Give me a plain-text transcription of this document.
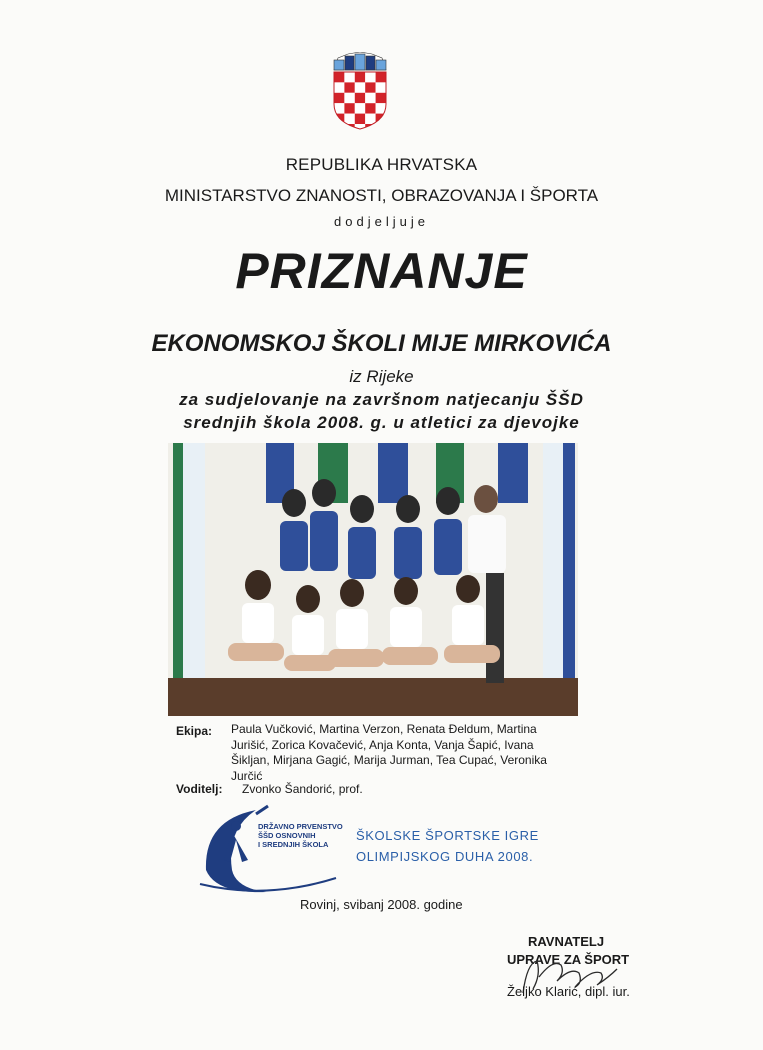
REPUBLIKA HRVATSKA
MINISTARSTVO ZNANOSTI, OBRAZOVANJA I ŠPORTA
dodjeljuje
PRIZNANJE
EKONOMSKOJ ŠKOLI MIJE MIRKOVIĆA
iz Rijeke
za sudjelovanje na završnom natjecanju ŠŠD
srednjih škola 2008. g. u atletici za djevojke
Ekipa: Paula Vučković, Martina Verzon, Renata Đeldum, Martina Jurišić, Zorica Kovačević, Anja Konta, Vanja Šapić, Ivana Šikljan, Mirjana Gagić, Marija Jurman, Tea Cupać, Veronika Jurčić
Voditelj: Zvonko Šandorić, prof.
DRŽAVNO PRVENSTVO
ŠŠD OSNOVNIH
I SREDNJIH ŠKOLA
ŠKOLSKE ŠPORTSKE IGRE
OLIMPIJSKOG DUHA 2008.
Rovinj, svibanj 2008. godine
RAVNATELJ
UPRAVE ZA ŠPORT
Željko Klarić, dipl. iur.
